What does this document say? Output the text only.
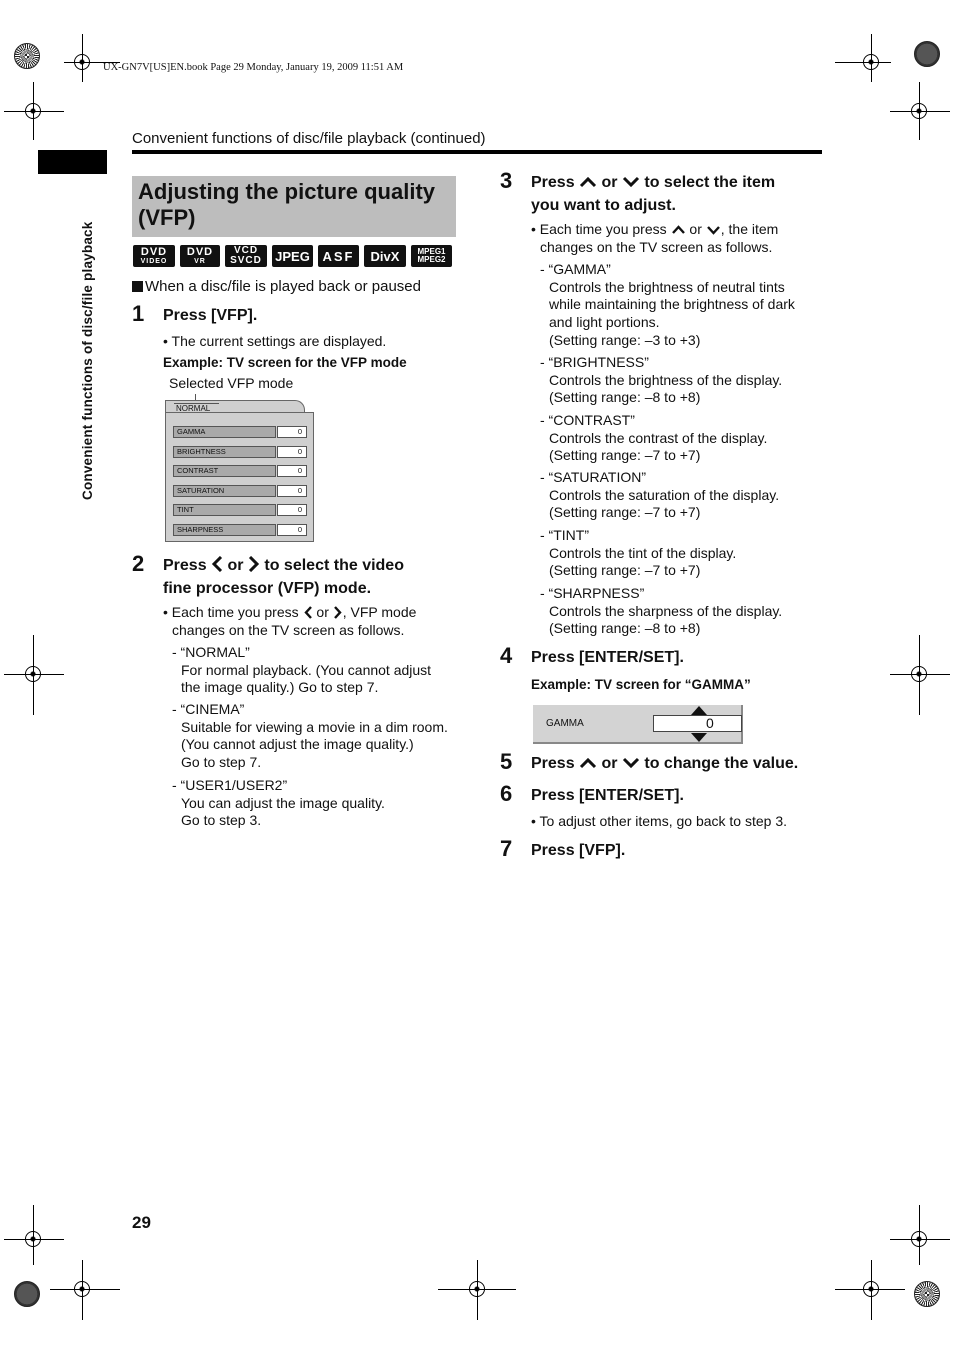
UX-GN7V[US]EN.book Page 29 Monday, January 19, 2009 11:51 AM
Convenient functions of disc/file playback (continued)
Convenient functions of disc/file playback
Adjusting the picture quality (VFP)
DVD
VIDEO
DVD
VR
VCD
SVCD JPEG ASF DivX MPEG1
MPEG2
When a disc/file is played back or paused
1 Press [VFP].
• The current settings are displayed.
Example: TV screen for the VFP mode
Selected VFP mode
NORMAL
GAMMA	0
BRIGHTNESS	0
CONTRAST	0
SATURATION	0
TINT	0
SHARPNESS	0
2 Press  or  to select the video
fine processor (VFP) mode.
• Each time you press  or , VFP mode
changes on the TV screen as follows.
- “NORMAL”
For normal playback. (You cannot adjust
the image quality.) Go to step 7.
- “CINEMA”
Suitable for viewing a movie in a dim room.
(You cannot adjust the image quality.)
Go to step 7.
- “USER1/USER2”
You can adjust the image quality.
Go to step 3.
3 Press  or  to select the item
you want to adjust.
• Each time you press  or , the item
changes on the TV screen as follows.
- “GAMMA”
Controls the brightness of neutral tints
while maintaining the brightness of dark
and light portions.
(Setting range: –3 to +3)
- “BRIGHTNESS”
Controls the brightness of the display.
(Setting range: –8 to +8)
- “CONTRAST”
Controls the contrast of the display.
(Setting range: –7 to +7)
- “SATURATION”
Controls the saturation of the display.
(Setting range: –7 to +7)
- “TINT”
Controls the tint of the display.
(Setting range: –7 to +7)
- “SHARPNESS”
Controls the sharpness of the display.
(Setting range: –8 to +8)
4 Press [ENTER/SET].
Example: TV screen for “GAMMA”
GAMMA	0
5 Press  or  to change the value.
6 Press [ENTER/SET].
• To adjust other items, go back to step 3.
7 Press [VFP].
29
